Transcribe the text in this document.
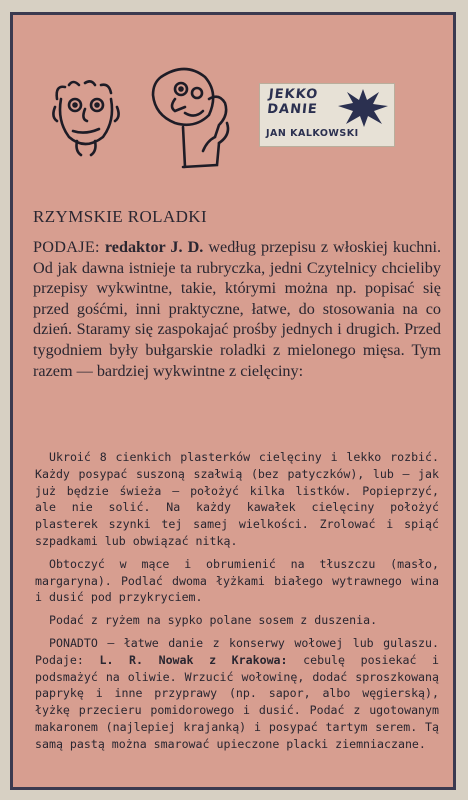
JEKKO
DANIE
JAN KALKOWSKI
RZYMSKIE ROLADKI

PODAJE: redaktor J. D. według przepisu z włoskiej kuchni. Od jak dawna istnieje ta rubryczka, jedni Czytelnicy chcieliby przepisy wykwintne, takie, którymi można np. popisać się przed gośćmi, inni praktyczne, łatwe, do stosowania na co dzień. Staramy się zaspokajać prośby jednych i drugich. Przed tygodniem były bułgarskie roladki z mielonego mięsa. Tym razem — bardziej wykwintne z cielęciny:

Ukroić 8 cienkich plasterków cielęciny i lekko rozbić. Każdy posypać suszoną szałwią (bez patyczków), lub — jak już będzie świeża — położyć kilka listków. Popieprzyć, ale nie solić. Na każdy kawałek cielęciny położyć plasterek szynki tej samej wielkości. Zrolować i spiąć szpadkami lub obwiązać nitką.

Obtoczyć w mące i obrumienić na tłuszczu (masło, margaryna). Podlać dwoma łyżkami białego wytrawnego wina i dusić pod przykryciem.

Podać z ryżem na sypko polane sosem z duszenia.

PONADTO — łatwe danie z konserwy wołowej lub gulaszu. Podaje: L. R. Nowak z Krakowa: cebulę posiekać i podsmażyć na oliwie. Wrzucić wołowinę, dodać sproszkowaną paprykę i inne przyprawy (np. sapor, albo węgierską), łyżkę przecieru pomidorowego i dusić. Podać z ugotowanym makaronem (najlepiej krajanką) i posypać tartym serem. Tą samą pastą można smarować upieczone placki ziemniaczane.
